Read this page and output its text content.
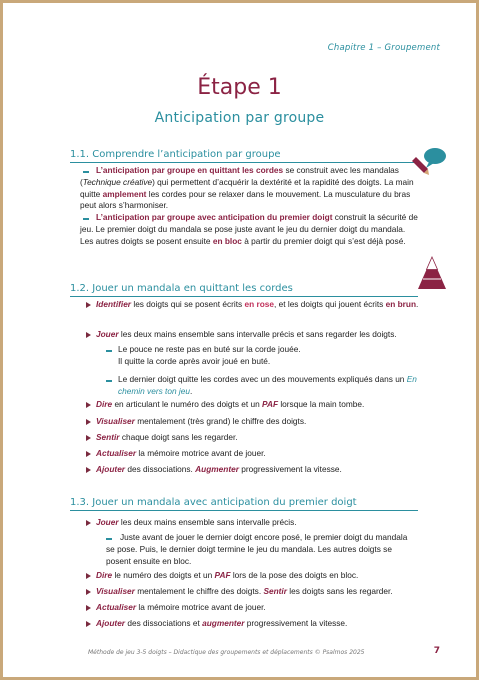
Chapitre 1 – Groupement
Étape 1
Anticipation par groupe
1.1. Comprendre l’anticipation par groupe
L’anticipation par groupe en quittant les cordes se construit avec les mandalas (Technique créative) qui permettent d’acquérir la dextérité et la rapidité des doigts. La main quitte amplement les cordes pour se relaxer dans le mouvement. La musculature du bras peut alors s’harmoniser.
L’anticipation par groupe avec anticipation du premier doigt construit la sécurité de jeu. Le premier doigt du mandala se pose juste avant le jeu du dernier doigt du mandala. Les autres doigts se posent ensuite en bloc à partir du premier doigt qui s’est déjà posé.
1.2. Jouer un mandala en quittant les cordes
Identifier les doigts qui se posent écrits en rose, et les doigts qui jouent écrits en brun.
Jouer les deux mains ensemble sans intervalle précis et sans regarder les doigts.
Le pouce ne reste pas en buté sur la corde jouée.
Il quitte la corde après avoir joué en buté.
Le dernier doigt quitte les cordes avec un des mouvements expliqués dans un En chemin vers ton jeu.
Dire en articulant le numéro des doigts et un PAF lorsque la main tombe.
Visualiser mentalement (très grand) le chiffre des doigts.
Sentir chaque doigt sans les regarder.
Actualiser la mémoire motrice avant de jouer.
Ajouter des dissociations. Augmenter progressivement la vitesse.
1.3. Jouer un mandala avec anticipation du premier doigt
Jouer les deux mains ensemble sans intervalle précis.
Juste avant de jouer le dernier doigt encore posé, le premier doigt du mandala se pose. Puis, le dernier doigt termine le jeu du mandala. Les autres doigts se posent ensuite en bloc.
Dire le numéro des doigts et un PAF lors de la pose des doigts en bloc.
Visualiser mentalement le chiffre des doigts. Sentir les doigts sans les regarder.
Actualiser la mémoire motrice avant de jouer.
Ajouter des dissociations et augmenter progressivement la vitesse.
Méthode de jeu 3-5 doigts – Didactique des groupements et déplacements © Psalmos 2025	7
